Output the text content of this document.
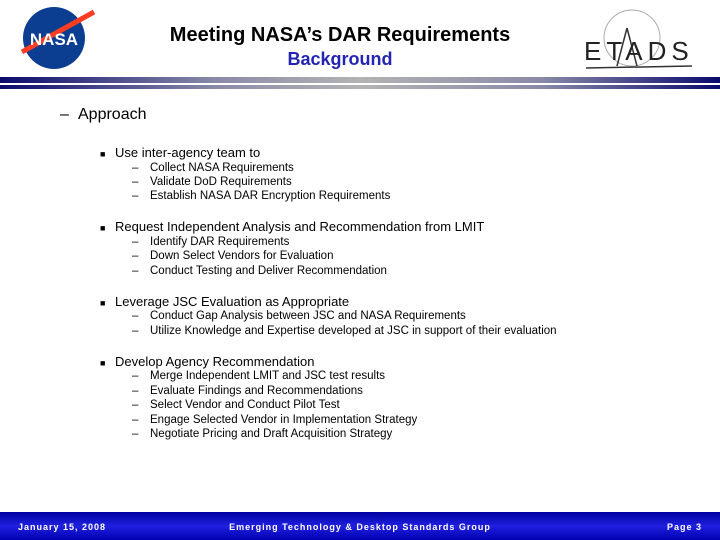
NASA	Meeting NASA’s DAR Requirements
Background	ETADS
– Approach
■ Use inter-agency team to
– Collect NASA Requirements
– Validate DoD Requirements
– Establish NASA DAR Encryption Requirements
■ Request Independent Analysis and Recommendation from LMIT
– Identify DAR Requirements
– Down Select Vendors for Evaluation
– Conduct Testing and Deliver Recommendation
■ Leverage JSC Evaluation as Appropriate
– Conduct Gap Analysis between JSC and NASA Requirements
– Utilize Knowledge and Expertise developed at JSC in support of their evaluation
■ Develop Agency Recommendation
– Merge Independent LMIT and JSC test results
– Evaluate Findings and Recommendations
– Select Vendor and Conduct Pilot Test
– Engage Selected Vendor in Implementation Strategy
– Negotiate Pricing and Draft Acquisition Strategy
January 15, 2008	Emerging Technology & Desktop Standards Group	Page 3
